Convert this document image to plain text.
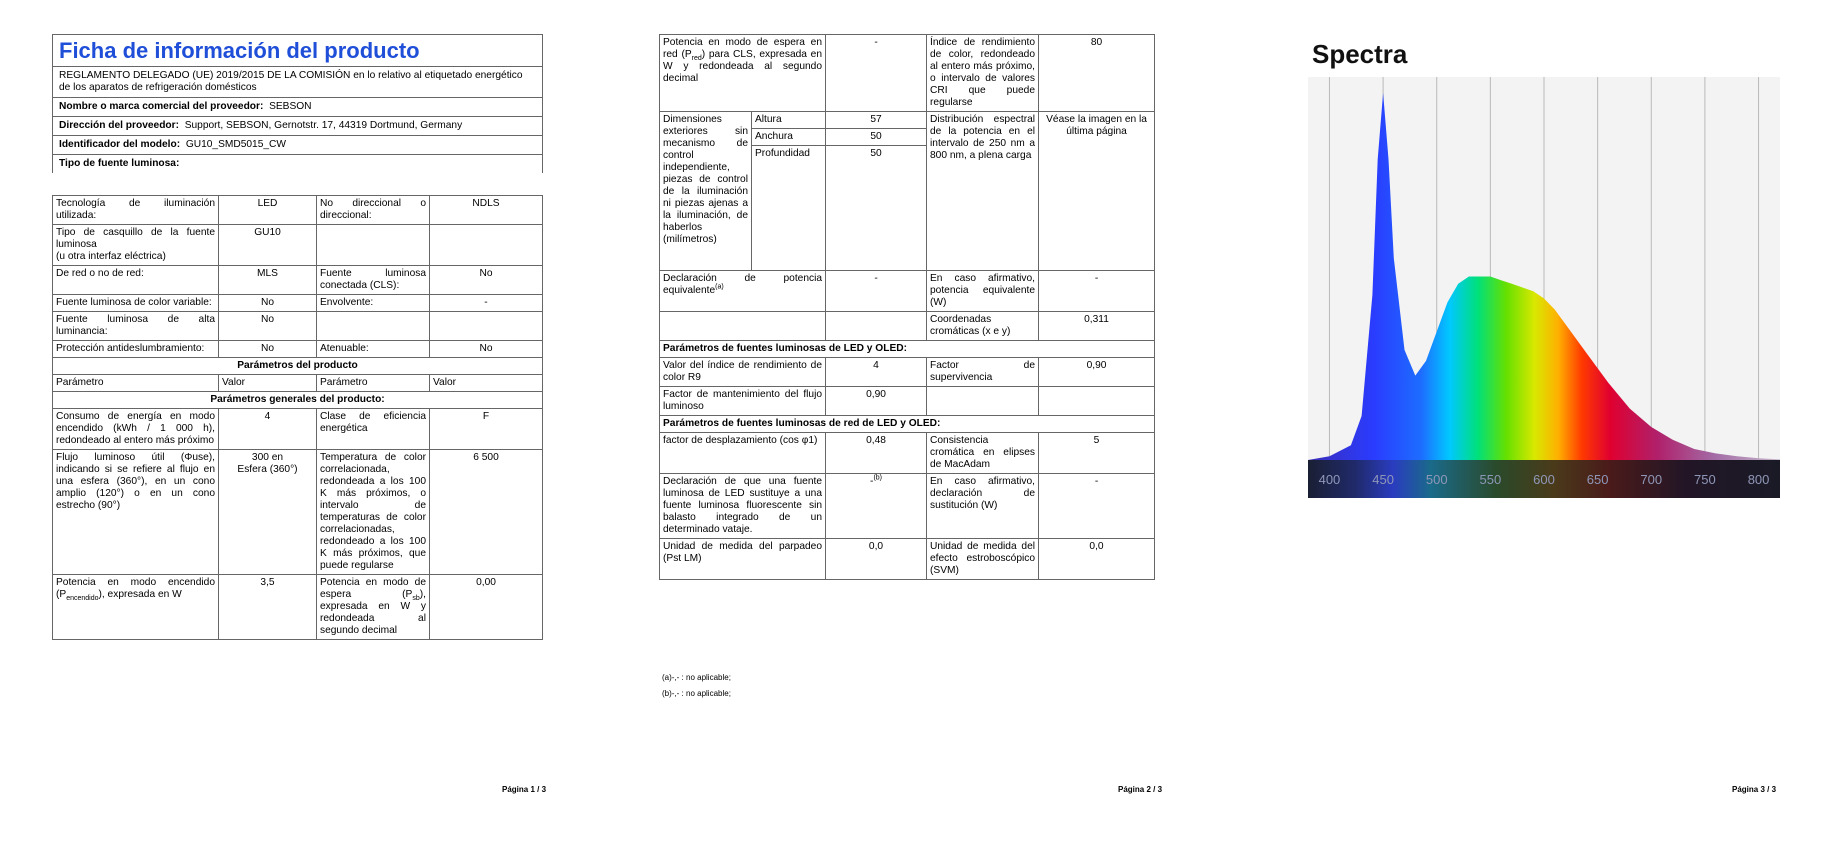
Ficha de información del producto
REGLAMENTO DELEGADO (UE) 2019/2015 DE LA COMISIÓN en lo relativo al etiquetado energético de los aparatos de refrigeración domésticos
Nombre o marca comercial del proveedor: SEBSON
Dirección del proveedor: Support, SEBSON, Gernotstr. 17, 44319 Dortmund, Germany
Identificador del modelo: GU10_SMD5015_CW
Tipo de fuente luminosa:
Tecnología de iluminación utilizada:	LED	No direccional o direccional:	NDLS
Tipo de casquillo de la fuente luminosa
(u otra interfaz eléctrica)	GU10		
De red o no de red:	MLS	Fuente luminosa conectada (CLS):	No
Fuente luminosa de color variable:	No	Envolvente:	-
Fuente luminosa de alta luminancia:	No		
Protección antideslumbramiento:	No	Atenuable:	No
Parámetros del producto			
Parámetro	Valor	Parámetro	Valor
Parámetros generales del producto:			
Consumo de energía en modo encendido (kWh / 1 000 h), redondeado al entero más próximo	4	Clase de eficiencia energética	F
Flujo luminoso útil (Φuse), indicando si se refiere al flujo en una esfera (360°), en un cono amplio (120°) o en un cono estrecho (90°)	300 en
Esfera (360°)	Temperatura de color correlacionada, redondeada a los 100 K más próximos, o intervalo de temperaturas de color correlacionadas, redondeado a los 100 K más próximos, que puede regularse	6 500
Potencia en modo encendido $(P_{encendido})$, expresada en W	3,5	Potencia en modo de espera $(P_{sb})$, expresada en W y redondeada al segundo decimal	0,00
Página 1 / 3
Potencia en modo de espera en red $(P_{red})$ para CLS, expresada en W y redondeada al segundo decimal		-	Índice de rendimiento de color, redondeado al entero más próximo, o intervalo de valores CRI que puede regularse	80
Dimensiones exteriores sin mecanismo de control independiente, piezas de control de la iluminación ni piezas ajenas a la iluminación, de haberlos (milímetros)	Altura	57	Distribución espectral de la potencia en el intervalo de 250 nm a 800 nm, a plena carga	Véase la imagen en la última página
	Anchura	50		
	Profundidad	50		
Declaración de potencia equivalente$^{(a)}$		-	En caso afirmativo, potencia equivalente (W)	-
			Coordenadas cromáticas (x e y)	0,311
Parámetros de fuentes luminosas de LED y OLED:				
Valor del índice de rendimiento de color R9		4	Factor de supervivencia	0,90
Factor de mantenimiento del flujo luminoso		0,90		
Parámetros de fuentes luminosas de red de LED y OLED:				
factor de desplazamiento (cos φ1)		0,48	Consistencia cromática en elipses de MacAdam	5
Declaración de que una fuente luminosa de LED sustituye a una fuente luminosa fluorescente sin balasto integrado de un determinado vataje.		-$^{(b)}$	En caso afirmativo, declaración de sustitución (W)	-
Unidad de medida del parpadeo (Pst LM)		0,0	Unidad de medida del efecto estroboscópico (SVM)	0,0
(a)-,- : no aplicable;
(b)-,- : no aplicable;
Página 2 / 3
Spectra
400 450 500 550 600 650 700 750 800
Página 3 / 3
